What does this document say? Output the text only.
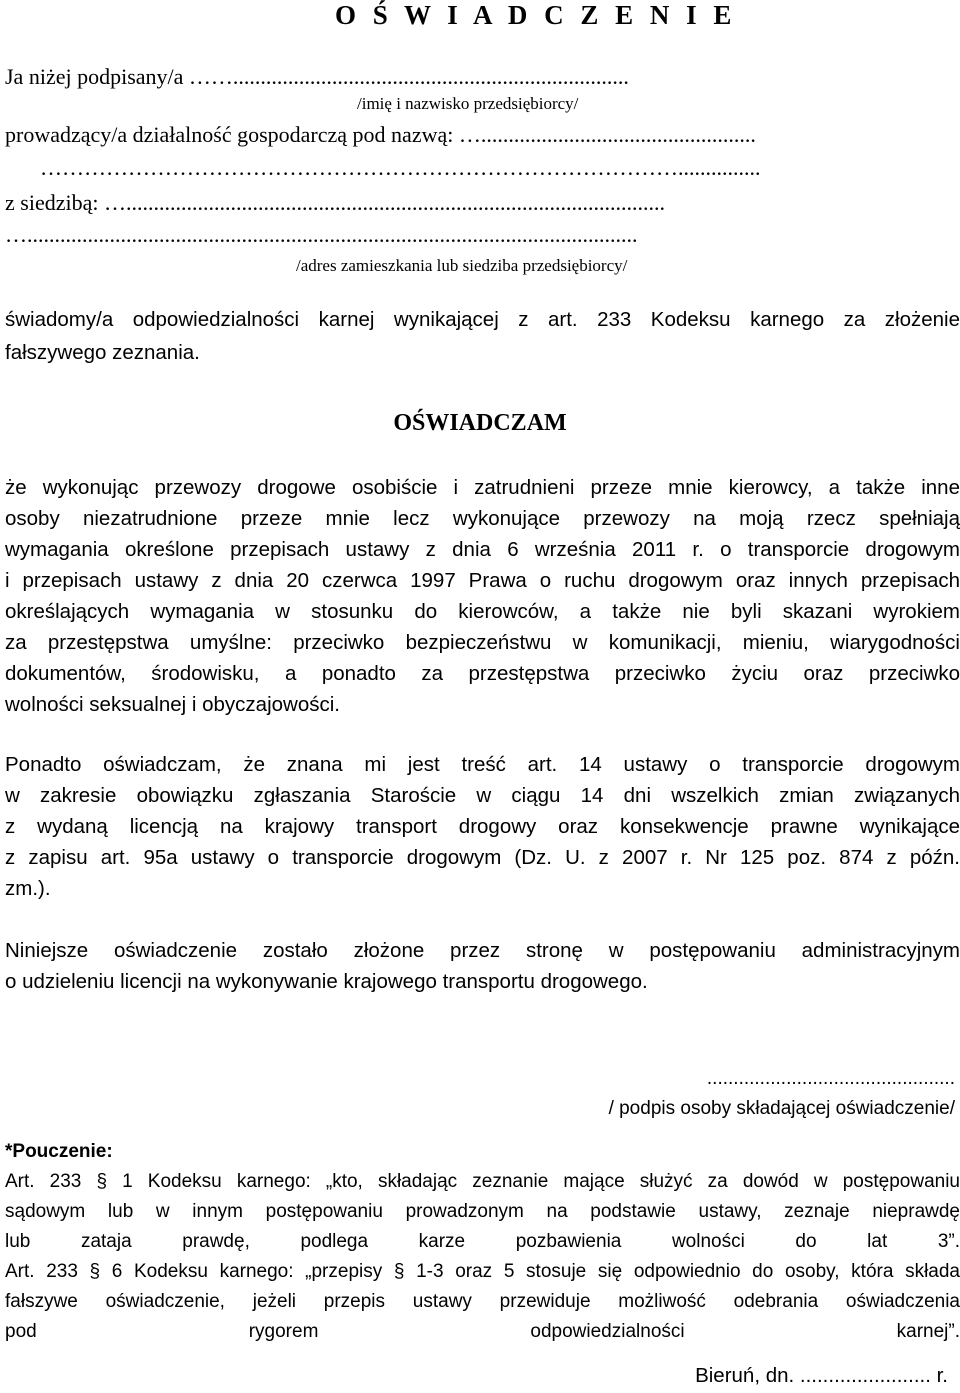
O Ś W I A D C Z E N I E

Ja niżej podpisany/a ……........................................................................

/imię i nazwisko przedsiębiorcy/

prowadzący/a działalność gospodarczą pod nazwą: …..................................................

……………………………………………………………………………...............

z siedzibą: …..................................................................................................

…...............................................................................................................

/adres zamieszkania lub siedziba przedsiębiorcy/

świadomy/a odpowiedzialności karnej wynikającej z art. 233 Kodeksu karnego za złożenie

fałszywego zeznania.

OŚWIADCZAM
że wykonując przewozy drogowe osobiście i zatrudnieni przeze mnie kierowcy, a także inne
osoby niezatrudnione przeze mnie lecz wykonujące przewozy na moją rzecz spełniają
wymagania określone przepisach ustawy z dnia 6 września 2011 r. o transporcie drogowym
i przepisach ustawy z dnia 20 czerwca 1997 Prawa o ruchu drogowym oraz innych przepisach
określających wymagania w stosunku do kierowców, a także nie byli skazani wyrokiem
za przestępstwa umyślne: przeciwko bezpieczeństwu w komunikacji, mieniu, wiarygodności
dokumentów, środowisku, a ponadto za przestępstwa przeciwko życiu oraz przeciwko
wolności seksualnej i obyczajowości.
Ponadto oświadczam, że znana mi jest treść art. 14 ustawy o transporcie drogowym
w zakresie obowiązku zgłaszania Staroście w ciągu 14 dni wszelkich zmian związanych
z wydaną licencją na krajowy transport drogowy oraz konsekwencje prawne wynikające
z zapisu art. 95a ustawy o transporcie drogowym (Dz. U. z 2007 r. Nr 125 poz. 874 z późn.
zm.).
Niniejsze oświadczenie zostało złożone przez stronę w postępowaniu administracyjnym
o udzieleniu licencji na wykonywanie krajowego transportu drogowego.
...............................................
/ podpis osoby składającej oświadczenie/
*Pouczenie:
Art. 233 § 1 Kodeksu karnego: „kto, składając zeznanie mające służyć za dowód w postępowaniu
sądowym lub w innym postępowaniu prowadzonym na podstawie ustawy, zeznaje nieprawdę
lub zataja prawdę, podlega karze pozbawienia wolności do lat 3”.
Art. 233 § 6 Kodeksu karnego: „przepisy § 1-3 oraz 5 stosuje się odpowiednio do osoby, która składa
fałszywe oświadczenie, jeżeli przepis ustawy przewiduje możliwość odebrania oświadczenia
pod rygorem odpowiedzialności karnej”.

Bieruń, dn. ....................... r.
